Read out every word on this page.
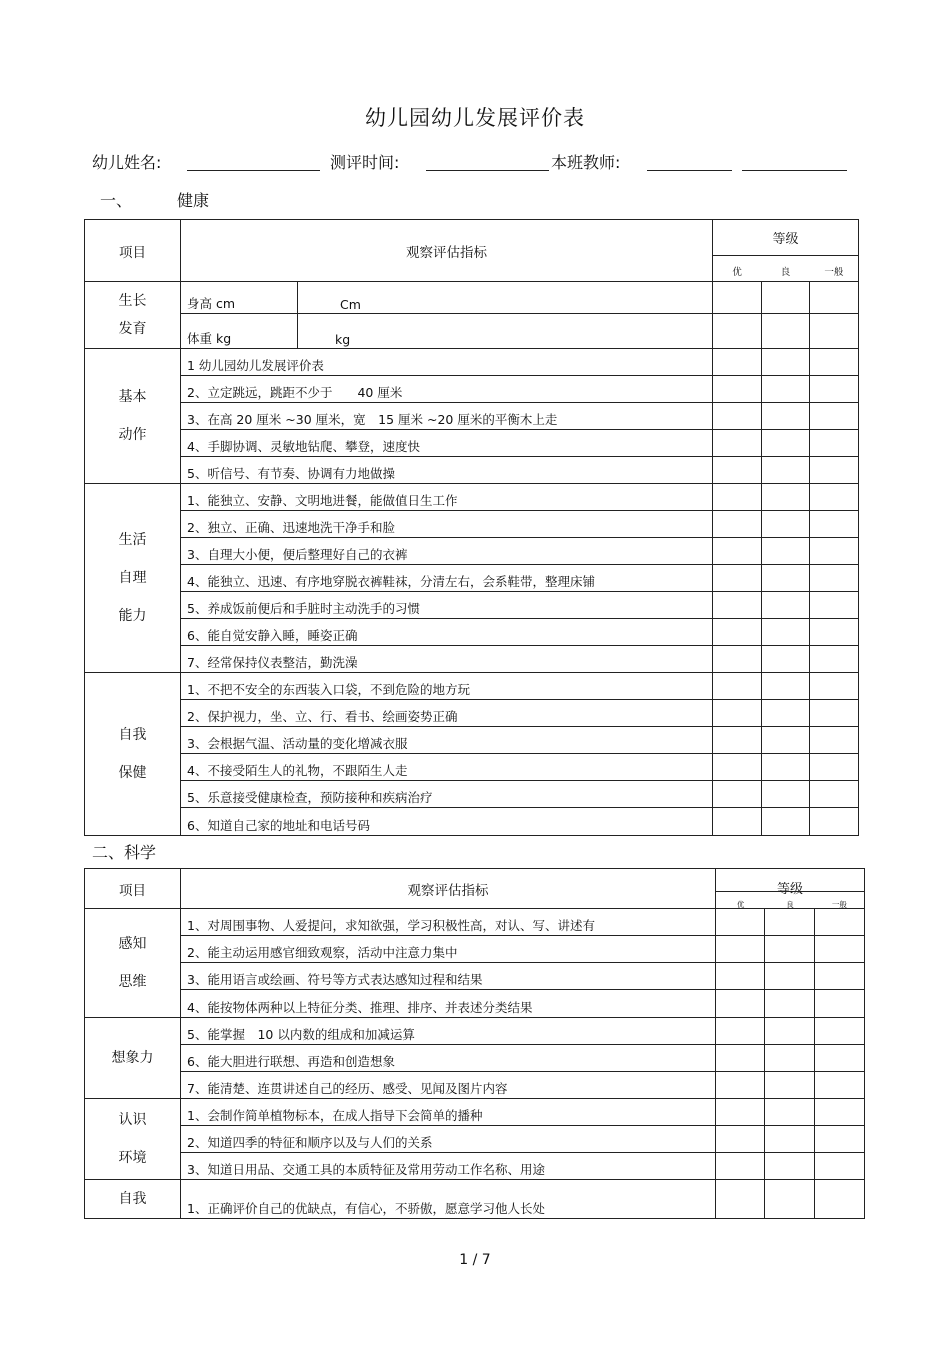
幼儿园幼儿发展评价表
幼儿姓名:	测评时间:	本班教师:
一、	健康
项目	观察评估指标		等级
优 良 一般		

生长
发育	身高 cm	Cm			
	体重 kg	kg			

基本
动作	1 幼儿园幼儿发展评价表				
	2、立定跳远，跳距不少于　　40 厘米				
	3、在高 20 厘米 ~30 厘米，宽　15 厘米 ~20 厘米的平衡木上走				
	4、手脚协调、灵敏地钻爬、攀登，速度快				
	5、听信号、有节奏、协调有力地做操				

生活
自理
能力	1、能独立、安静、文明地进餐，能做值日生工作				
	2、独立、正确、迅速地洗干净手和脸				
	3、自理大小便，便后整理好自己的衣裤				
	4、能独立、迅速、有序地穿脱衣裤鞋袜，分清左右，会系鞋带，整理床铺				
	5、养成饭前便后和手脏时主动洗手的习惯				
	6、能自觉安静入睡，睡姿正确				
	7、经常保持仪表整洁，勤洗澡				

自我
保健	1、不把不安全的东西装入口袋，不到危险的地方玩				
	2、保护视力，坐、立、行、看书、绘画姿势正确				
	3、会根据气温、活动量的变化增减衣服				
	4、不接受陌生人的礼物，不跟陌生人走				
	5、乐意接受健康检查，预防接种和疾病治疗				
	6、知道自己家的地址和电话号码				
二、科学
项目	观察评估指标	等级
优 良 一般		

感知
思维	1、对周围事物、人爱提问，求知欲强，学习积极性高，对认、写、讲述有			
	2、能主动运用感官细致观察，活动中注意力集中			
	3、能用语言或绘画、符号等方式表达感知过程和结果			
	4、能按物体两种以上特征分类、推理、排序、并表述分类结果			

想象力	5、能掌握　10 以内数的组成和加减运算			
	6、能大胆进行联想、再造和创造想象			
	7、能清楚、连贯讲述自己的经历、感受、见闻及图片内容			

认识
环境	1、会制作简单植物标本，在成人指导下会简单的播种			
	2、知道四季的特征和顺序以及与人们的关系			
	3、知道日用品、交通工具的本质特征及常用劳动工作名称、用途			

自我	1、正确评价自己的优缺点，有信心，不骄傲，愿意学习他人长处			
1 / 7
